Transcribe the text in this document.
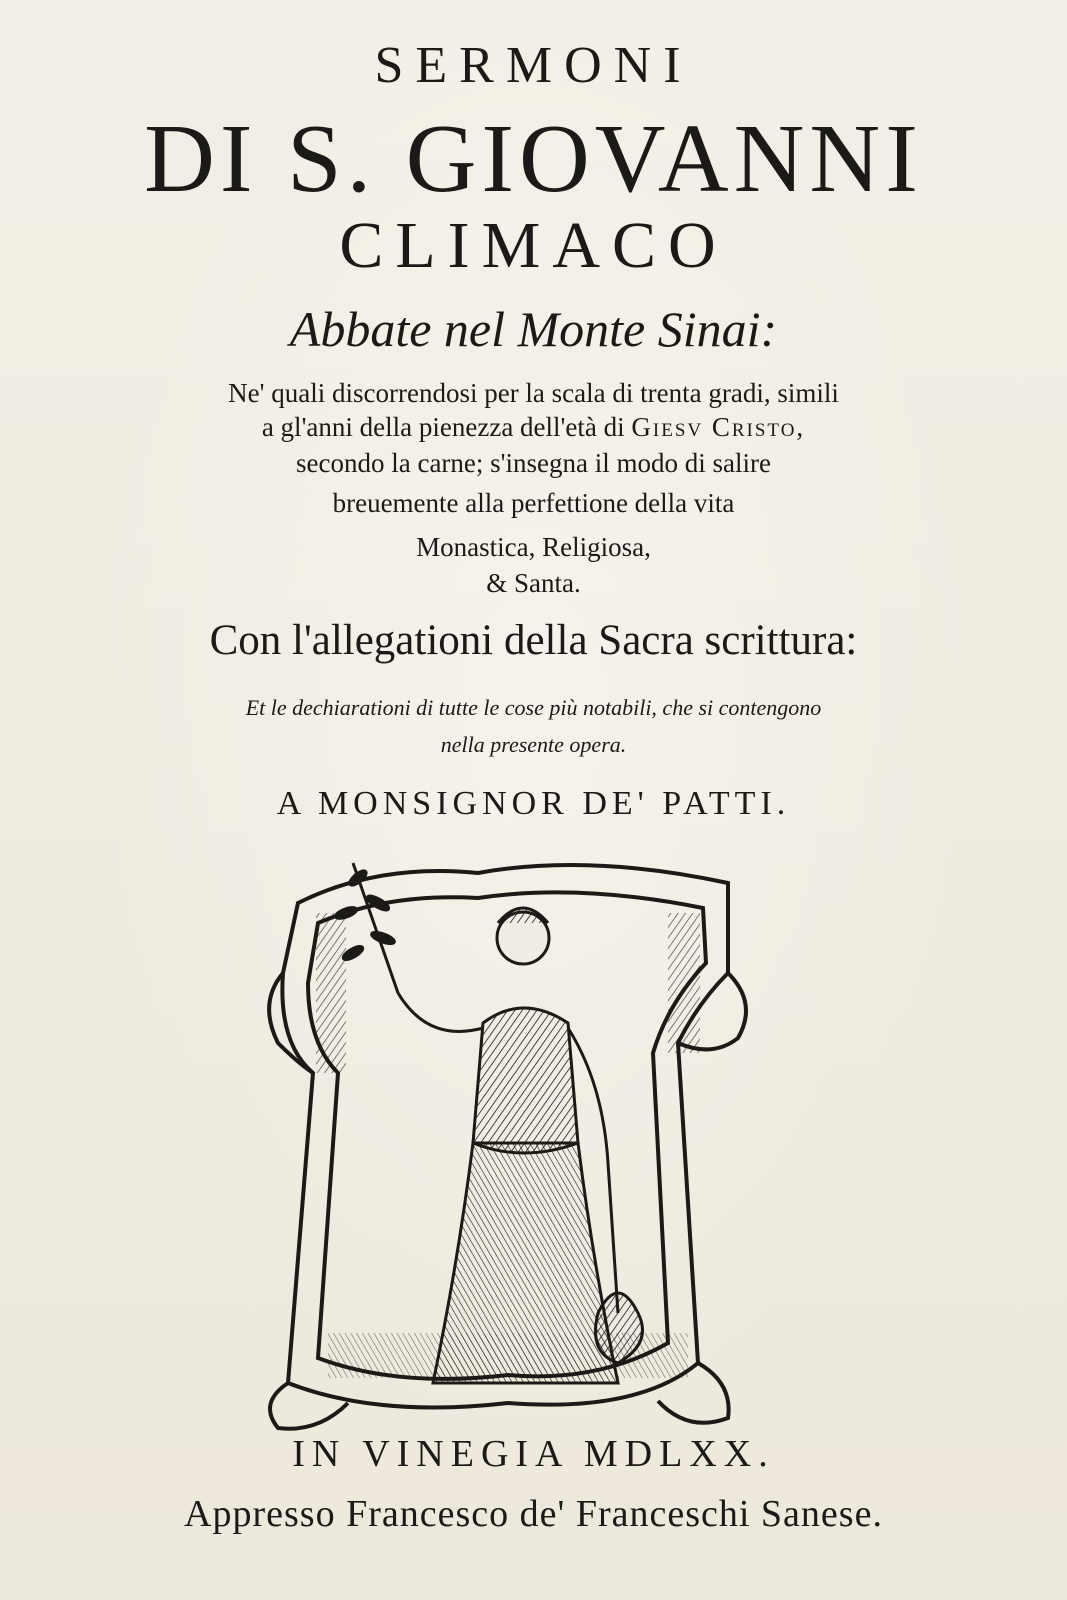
SERMONI
DI S. GIOVANNI
CLIMACO
Abbate nel Monte Sinai:
Ne' quali discorrendosi per la scala di trenta gradi, simili
a gl'anni della pienezza dell'età di Giesv Cristo,
secondo la carne; s'insegna il modo di salire
breuemente alla perfettione della vita
Monastica, Religiosa,
& Santa.
Con l'allegationi della Sacra scrittura:
Et le dechiarationi di tutte le cose più notabili, che si contengono
nella presente opera.
A MONSIGNOR DE' PATTI.
IN VINEGIA MDLXX.
Appresso Francesco de' Franceschi Sanese.
